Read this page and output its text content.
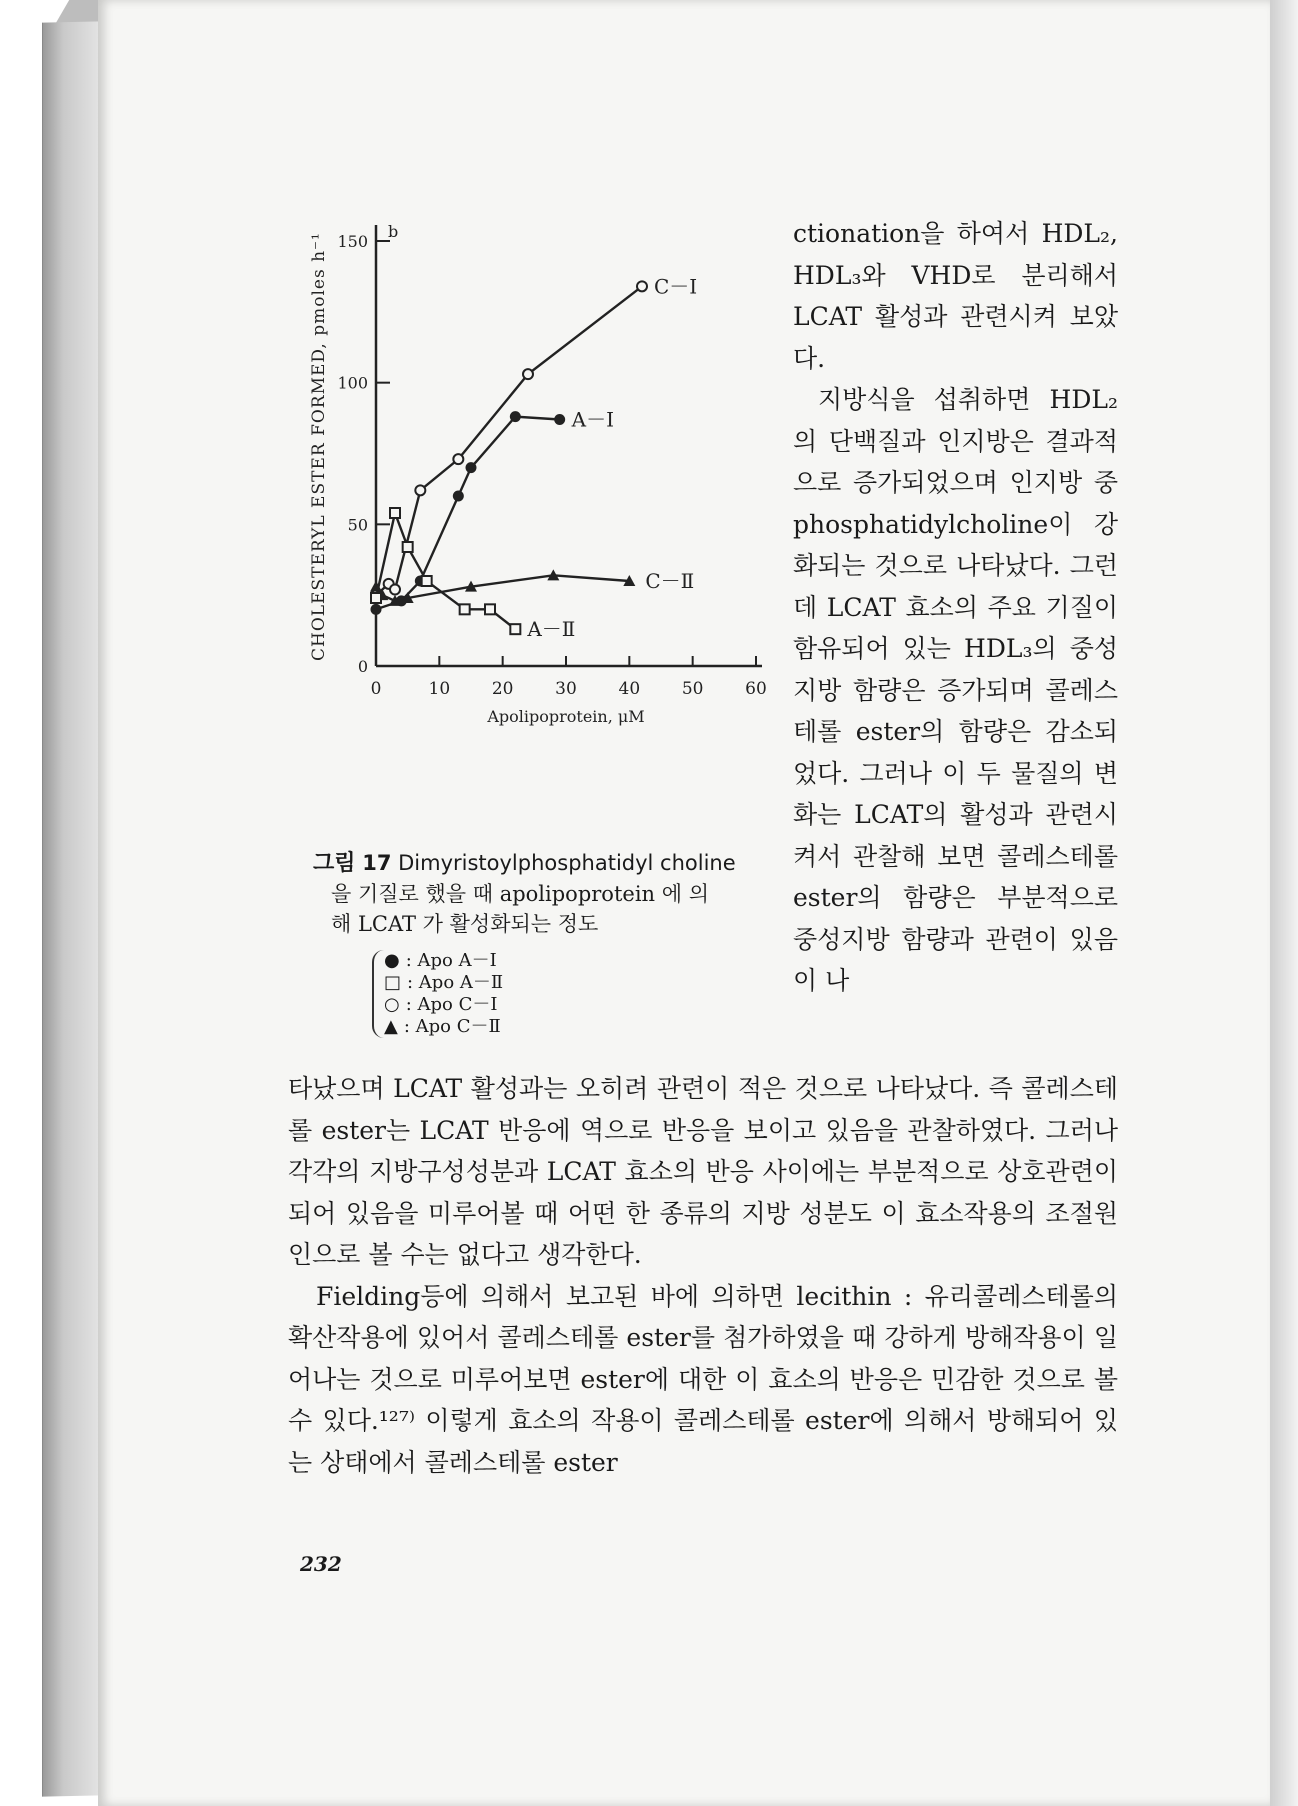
b
CHOLESTERYL ESTER FORMED, pmoles h⁻¹
Apolipoprotein, μM
150
100
50
0
0	10 20 30 40 50 60
C－Ⅰ
A－Ⅰ
C－Ⅱ
A－Ⅱ
그림 17 Dimyristoylphosphatidyl choline
을 기질로 했을 때 apolipoprotein 에 의
해 LCAT 가 활성화되는 정도
● : Apo A－Ⅰ
□ : Apo A－Ⅱ
○ : Apo C－Ⅰ
▲ : Apo C－Ⅱ

ctionation을 하여서 HDL₂, HDL₃와 VHD로 분리해서 LCAT 활성과 관련시켜 보았다.

지방식을 섭취하면 HDL₂의 단백질과 인지방은 결과적으로 증가되었으며 인지방 중 phosphatidylcholine이 강화되는 것으로 나타났다. 그런데 LCAT 효소의 주요 기질이 함유되어 있는 HDL₃의 중성지방 함량은 증가되며 콜레스테롤 ester의 함량은 감소되었다. 그러나 이 두 물질의 변화는 LCAT의 활성과 관련시켜서 관찰해 보면 콜레스테롤 ester의 함량은 부분적으로 중성지방 함량과 관련이 있음이 나

타났으며 LCAT 활성과는 오히려 관련이 적은 것으로 나타났다. 즉 콜레스테롤 ester는 LCAT 반응에 역으로 반응을 보이고 있음을 관찰하였다. 그러나 각각의 지방구성성분과 LCAT 효소의 반응 사이에는 부분적으로 상호관련이 되어 있음을 미루어볼 때 어떤 한 종류의 지방 성분도 이 효소작용의 조절원인으로 볼 수는 없다고 생각한다.

Fielding등에 의해서 보고된 바에 의하면 lecithin : 유리콜레스테롤의 확산작용에 있어서 콜레스테롤 ester를 첨가하였을 때 강하게 방해작용이 일어나는 것으로 미루어보면 ester에 대한 이 효소의 반응은 민감한 것으로 볼 수 있다.¹²⁷⁾ 이렇게 효소의 작용이 콜레스테롤 ester에 의해서 방해되어 있는 상태에서 콜레스테롤 ester

232
